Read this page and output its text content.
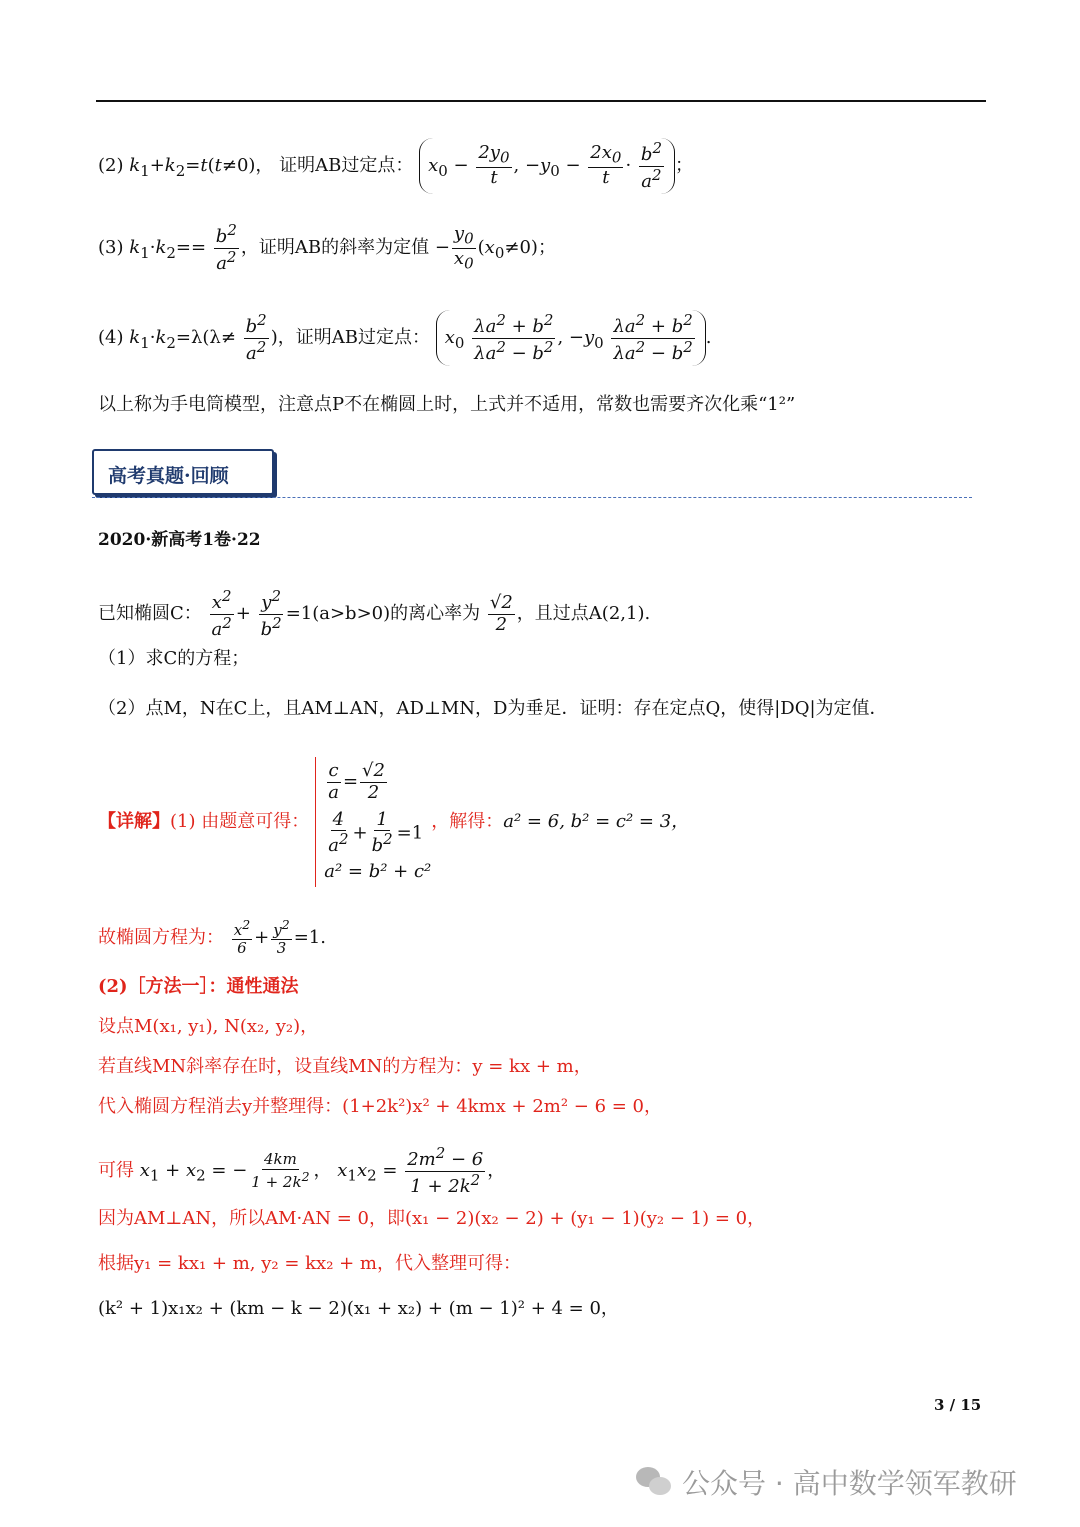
(2) $k_1+k_2=t(t\ne 0)$， 证明AB过定点： $x_0 - \frac{2y_0}{t}$ , $-y_0 - \frac{2x_0}{t} \cdot \frac{b^2}{a^2}$ ；
(3) $k_1\cdot k_2== \frac{b^2}{a^2}$ ，证明AB的斜率为定值 − $\frac{y_0}{x_0} (x_0\ne 0)$；
(4) $k_1\cdot k_2=\lambda(\lambda\ne \frac{b^2}{a^2}$ )，证明AB过定点： $x_0 \frac{\lambda a^2 + b^2}{\lambda a^2 - b^2}$ , $-y_0 \frac{\lambda a^2 + b^2}{\lambda a^2 - b^2}$ .
以上称为手电筒模型，注意点P不在椭圆上时，上式并不适用，常数也需要齐次化乘“1²”
高考真题·回顾
2020·新高考1卷·22
已知椭圆C： $\frac{x^2}{a^2} + \frac{y^2}{b^2} =1(a>b>0)$的离心率为 $\frac{√2}{2}$ ，且过点A(2,1).
（1）求C的方程；
（2）点M，N在C上，且AM⊥AN，AD⊥MN，D为垂足．证明：存在定点Q，使得|DQ|为定值．
【详解】 (1) 由题意可得：
$\frac{c}{a} = \frac{√2}{2}$
$\frac{4}{a^2} + \frac{1}{b^2} =1$
a² = b² + c²
，解得： a² = 6, b² = c² = 3，
故椭圆方程为： $\frac{x^2}{6} + \frac{y^2}{3} =1$.
(2)［方法一］：通性通法
设点M(x₁, y₁), N(x₂, y₂)，
若直线MN斜率存在时，设直线MN的方程为：y = kx + m，
代入椭圆方程消去y并整理得：(1+2k²)x² + 4kmx + 2m² − 6 = 0，
可得 $x_1 + x_2$ = − $\frac{4km}{1 + 2k^2}$ ， $x_1x_2 = \frac{2m^2 - 6}{1 + 2k^2}$ ，
因为AM⊥AN，所以AM·AN = 0，即(x₁ − 2)(x₂ − 2) + (y₁ − 1)(y₂ − 1) = 0，
根据y₁ = kx₁ + m, y₂ = kx₂ + m，代入整理可得：
(k² + 1)x₁x₂ + (km − k − 2)(x₁ + x₂) + (m − 1)² + 4 = 0，
3 / 15
公众号 · 高中数学领军教研
